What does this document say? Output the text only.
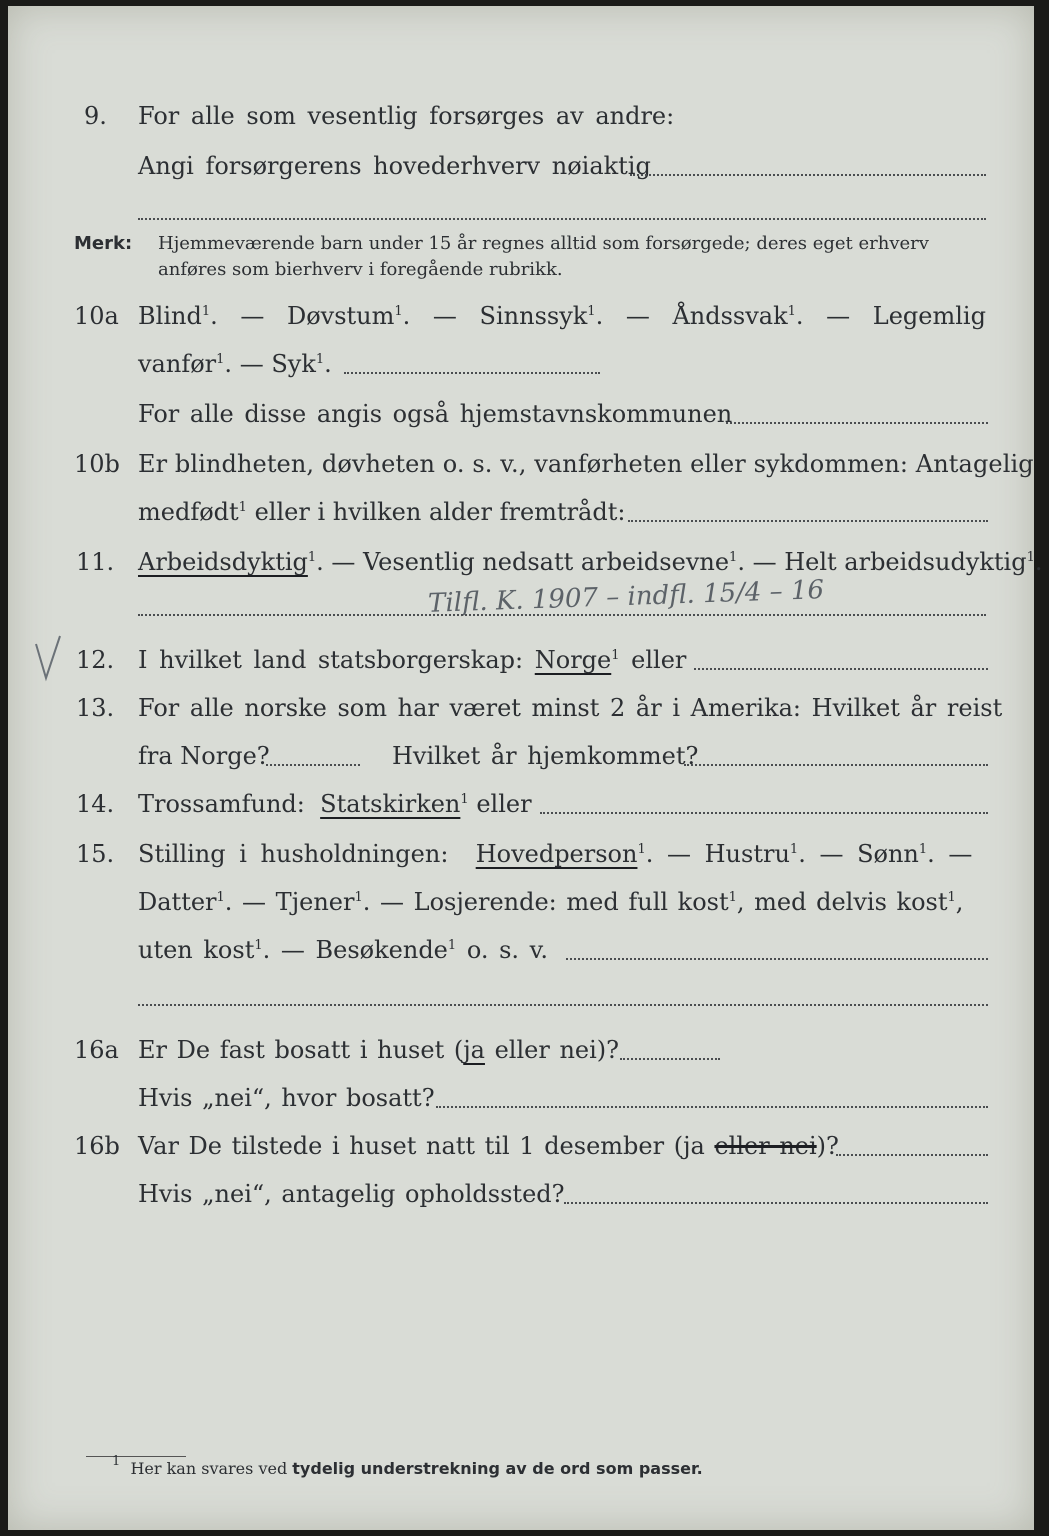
9. For alle som vesentlig forsørges av andre:
Angi forsørgerens hovederhverv nøiaktig
Merk: Hjemmeværende barn under 15 år regnes alltid som forsørgede; deres eget erhverv
anføres som bierhverv i foregående rubrikk.
10a Blind$^1$. — Døvstum$^1$. — Sinnssyk$^1$. — Åndssvak$^1$. — Legemlig
vanfør$^1$. — Syk$^1$.
For alle disse angis også hjemstavnskommunen
10b Er blindheten, døvheten o. s. v., vanførheten eller sykdommen: Antagelig
medfødt$^1$ eller i hvilken alder fremtrådt:
11. Arbeidsdyktig$^1$. — Vesentlig nedsatt arbeidsevne$^1$. — Helt arbeidsudyktig$^1$.
Tilfl. K. 1907 – indfl. 15/4 – 16
12. I hvilket land statsborgerskap: Norge$^1$ eller
13. For alle norske som har været minst 2 år i Amerika: Hvilket år reist
fra Norge?	Hvilket år hjemkommet?
14. Trossamfund: Statskirken$^1$ eller
15. Stilling i husholdningen: Hovedperson$^1$. — Hustru$^1$. — Sønn$^1$. —
Datter$^1$. — Tjener$^1$. — Losjerende: med full kost$^1$, med delvis kost$^1$,
uten kost$^1$. — Besøkende$^1$ o. s. v.
16a Er De fast bosatt i huset (ja eller nei)?
Hvis „nei“, hvor bosatt?
16b Var De tilstede i huset natt til 1 desember (ja eller nei)?
Hvis „nei“, antagelig opholdssted?
$^1$ Her kan svares ved tydelig understrekning av de ord som passer.
